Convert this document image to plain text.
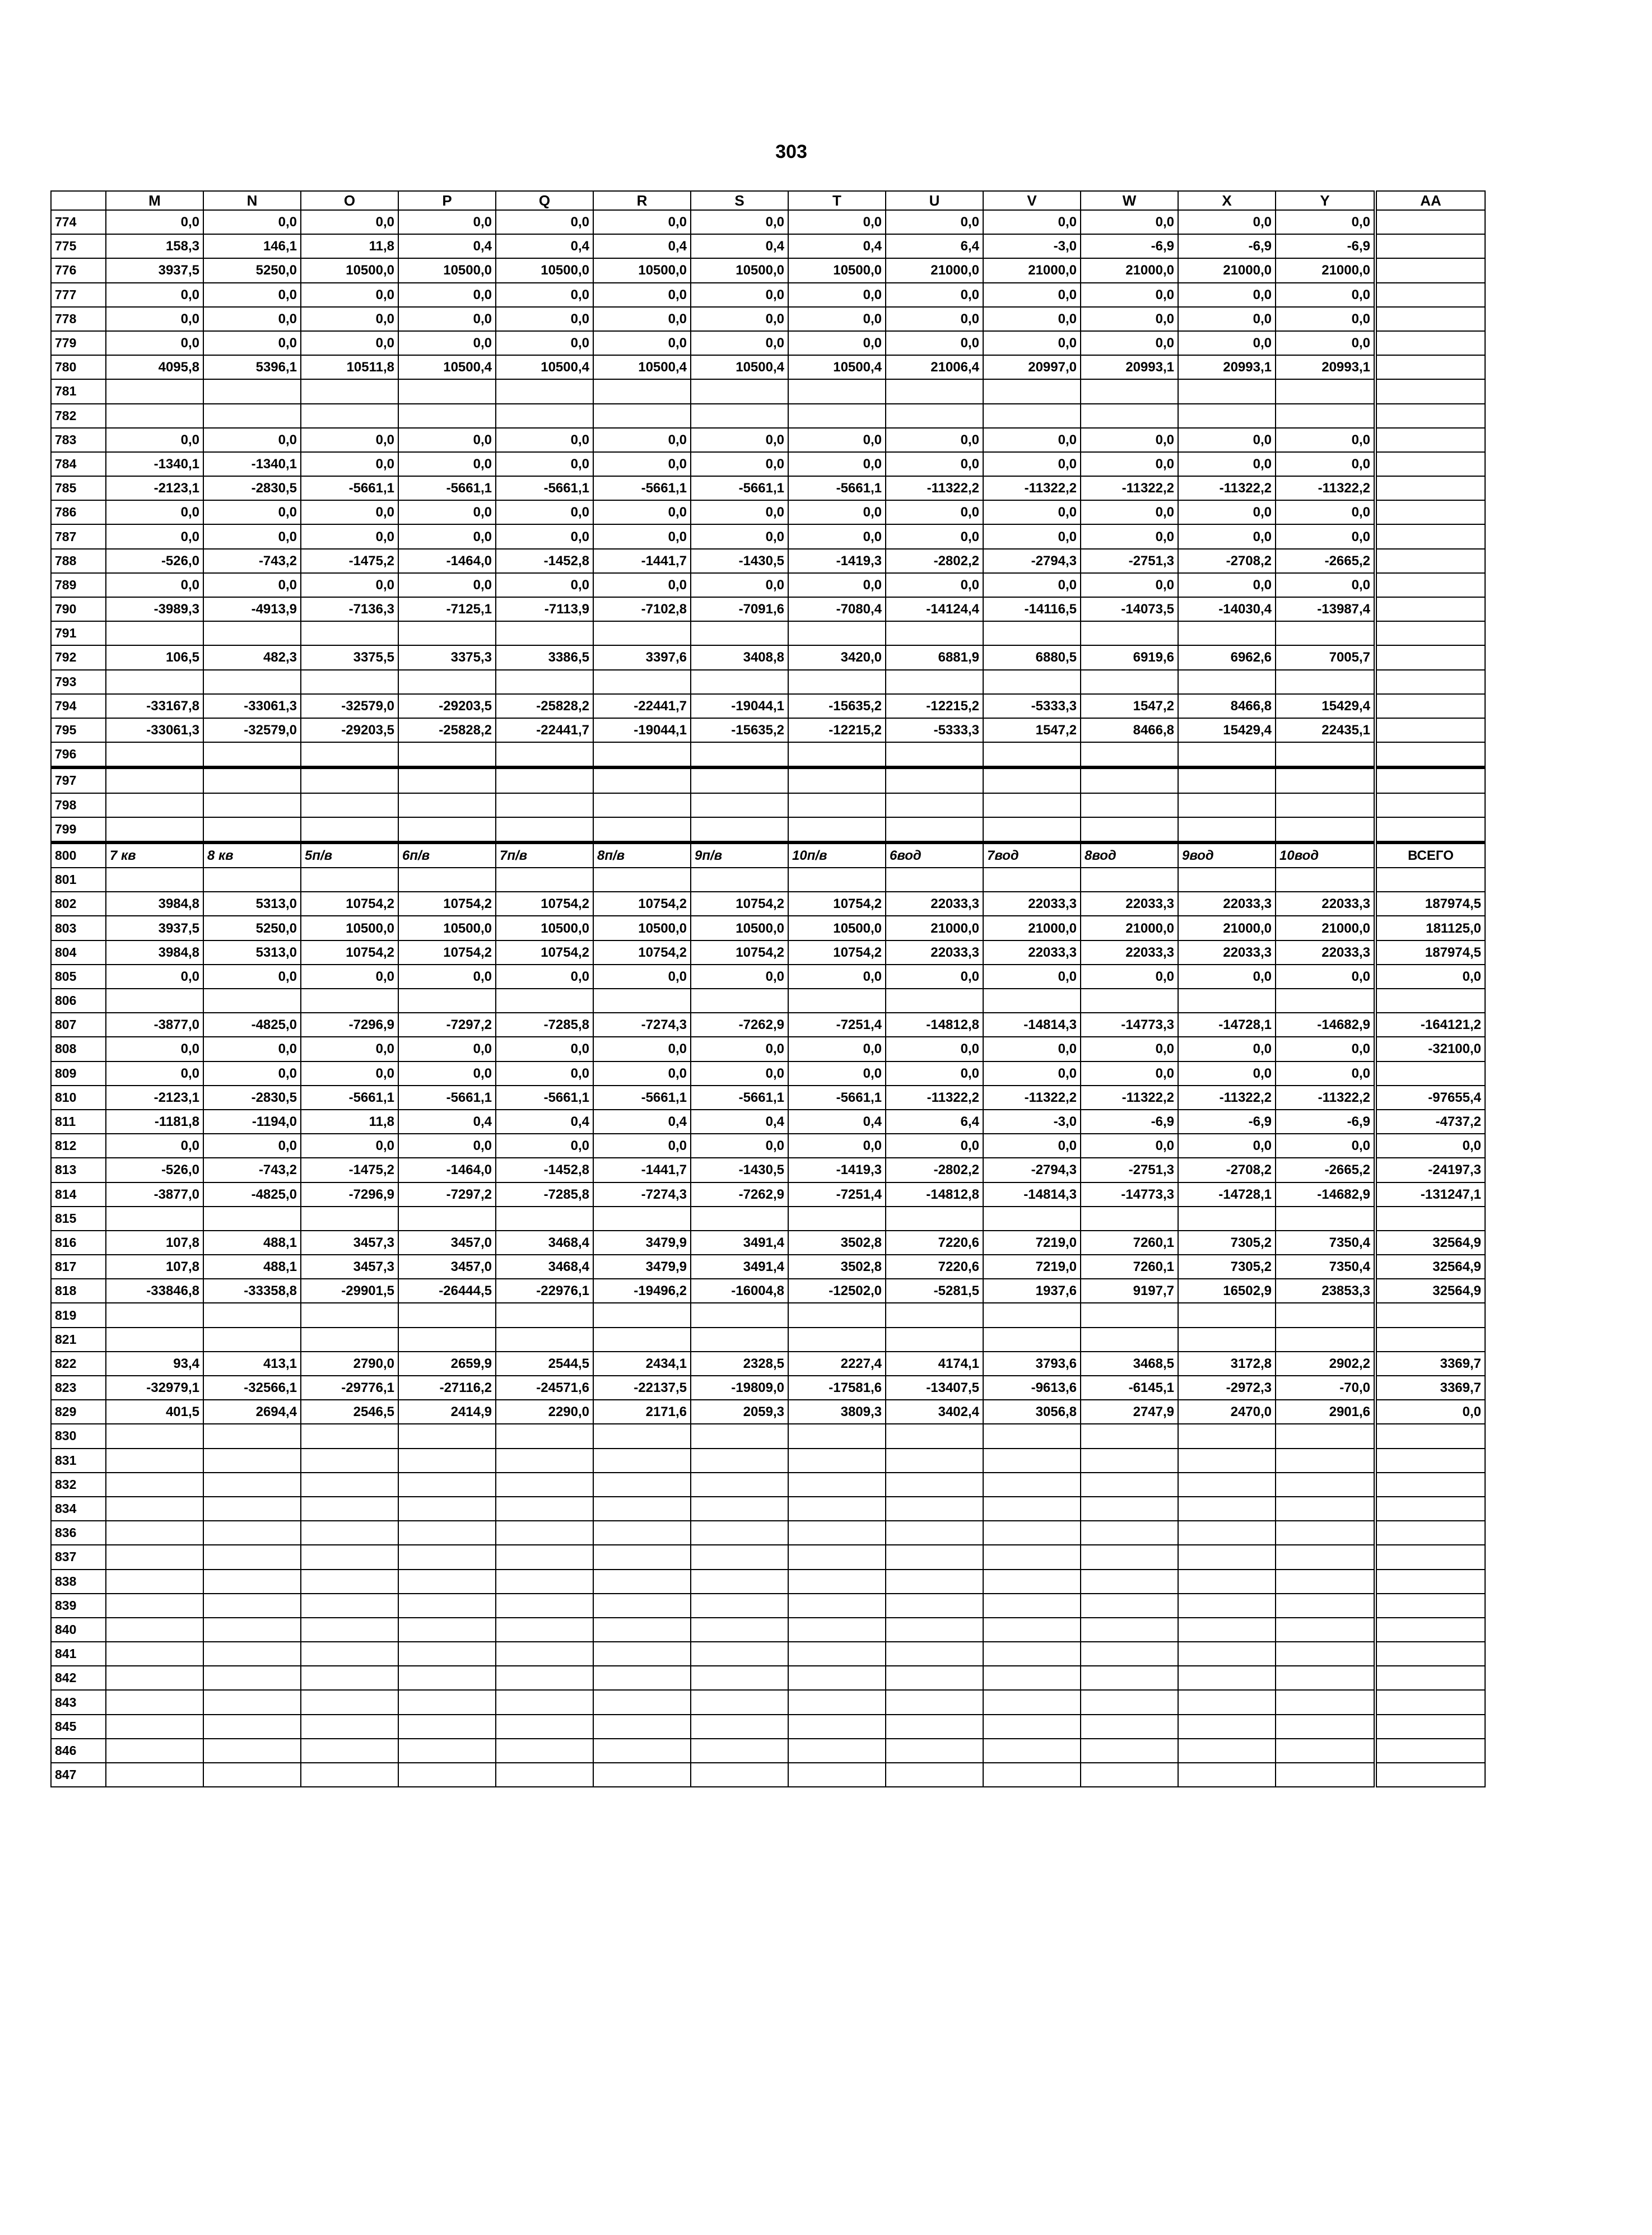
303
	M	N	O	P	Q	R	S	T	U	V	W	X	Y	AA
774	0,0	0,0	0,0	0,0	0,0	0,0	0,0	0,0	0,0	0,0	0,0	0,0	0,0	
775	158,3	146,1	11,8	0,4	0,4	0,4	0,4	0,4	6,4	-3,0	-6,9	-6,9	-6,9	
776	3937,5	5250,0	10500,0	10500,0	10500,0	10500,0	10500,0	10500,0	21000,0	21000,0	21000,0	21000,0	21000,0	
777	0,0	0,0	0,0	0,0	0,0	0,0	0,0	0,0	0,0	0,0	0,0	0,0	0,0	
778	0,0	0,0	0,0	0,0	0,0	0,0	0,0	0,0	0,0	0,0	0,0	0,0	0,0	
779	0,0	0,0	0,0	0,0	0,0	0,0	0,0	0,0	0,0	0,0	0,0	0,0	0,0	
780	4095,8	5396,1	10511,8	10500,4	10500,4	10500,4	10500,4	10500,4	21006,4	20997,0	20993,1	20993,1	20993,1	
781														
782														
783	0,0	0,0	0,0	0,0	0,0	0,0	0,0	0,0	0,0	0,0	0,0	0,0	0,0	
784	-1340,1	-1340,1	0,0	0,0	0,0	0,0	0,0	0,0	0,0	0,0	0,0	0,0	0,0	
785	-2123,1	-2830,5	-5661,1	-5661,1	-5661,1	-5661,1	-5661,1	-5661,1	-11322,2	-11322,2	-11322,2	-11322,2	-11322,2	
786	0,0	0,0	0,0	0,0	0,0	0,0	0,0	0,0	0,0	0,0	0,0	0,0	0,0	
787	0,0	0,0	0,0	0,0	0,0	0,0	0,0	0,0	0,0	0,0	0,0	0,0	0,0	
788	-526,0	-743,2	-1475,2	-1464,0	-1452,8	-1441,7	-1430,5	-1419,3	-2802,2	-2794,3	-2751,3	-2708,2	-2665,2	
789	0,0	0,0	0,0	0,0	0,0	0,0	0,0	0,0	0,0	0,0	0,0	0,0	0,0	
790	-3989,3	-4913,9	-7136,3	-7125,1	-7113,9	-7102,8	-7091,6	-7080,4	-14124,4	-14116,5	-14073,5	-14030,4	-13987,4	
791														
792	106,5	482,3	3375,5	3375,3	3386,5	3397,6	3408,8	3420,0	6881,9	6880,5	6919,6	6962,6	7005,7	
793														
794	-33167,8	-33061,3	-32579,0	-29203,5	-25828,2	-22441,7	-19044,1	-15635,2	-12215,2	-5333,3	1547,2	8466,8	15429,4	
795	-33061,3	-32579,0	-29203,5	-25828,2	-22441,7	-19044,1	-15635,2	-12215,2	-5333,3	1547,2	8466,8	15429,4	22435,1	
796														
797														
798														
799														
800	7 кв	8 кв	5п/в	6п/в	7п/в	8п/в	9п/в	10п/в	6вод	7вод	8вод	9вод	10вод	ВСЕГО
801														
802	3984,8	5313,0	10754,2	10754,2	10754,2	10754,2	10754,2	10754,2	22033,3	22033,3	22033,3	22033,3	22033,3	187974,5
803	3937,5	5250,0	10500,0	10500,0	10500,0	10500,0	10500,0	10500,0	21000,0	21000,0	21000,0	21000,0	21000,0	181125,0
804	3984,8	5313,0	10754,2	10754,2	10754,2	10754,2	10754,2	10754,2	22033,3	22033,3	22033,3	22033,3	22033,3	187974,5
805	0,0	0,0	0,0	0,0	0,0	0,0	0,0	0,0	0,0	0,0	0,0	0,0	0,0	0,0
806														
807	-3877,0	-4825,0	-7296,9	-7297,2	-7285,8	-7274,3	-7262,9	-7251,4	-14812,8	-14814,3	-14773,3	-14728,1	-14682,9	-164121,2
808	0,0	0,0	0,0	0,0	0,0	0,0	0,0	0,0	0,0	0,0	0,0	0,0	0,0	-32100,0
809	0,0	0,0	0,0	0,0	0,0	0,0	0,0	0,0	0,0	0,0	0,0	0,0	0,0	
810	-2123,1	-2830,5	-5661,1	-5661,1	-5661,1	-5661,1	-5661,1	-5661,1	-11322,2	-11322,2	-11322,2	-11322,2	-11322,2	-97655,4
811	-1181,8	-1194,0	11,8	0,4	0,4	0,4	0,4	0,4	6,4	-3,0	-6,9	-6,9	-6,9	-4737,2
812	0,0	0,0	0,0	0,0	0,0	0,0	0,0	0,0	0,0	0,0	0,0	0,0	0,0	0,0
813	-526,0	-743,2	-1475,2	-1464,0	-1452,8	-1441,7	-1430,5	-1419,3	-2802,2	-2794,3	-2751,3	-2708,2	-2665,2	-24197,3
814	-3877,0	-4825,0	-7296,9	-7297,2	-7285,8	-7274,3	-7262,9	-7251,4	-14812,8	-14814,3	-14773,3	-14728,1	-14682,9	-131247,1
815														
816	107,8	488,1	3457,3	3457,0	3468,4	3479,9	3491,4	3502,8	7220,6	7219,0	7260,1	7305,2	7350,4	32564,9
817	107,8	488,1	3457,3	3457,0	3468,4	3479,9	3491,4	3502,8	7220,6	7219,0	7260,1	7305,2	7350,4	32564,9
818	-33846,8	-33358,8	-29901,5	-26444,5	-22976,1	-19496,2	-16004,8	-12502,0	-5281,5	1937,6	9197,7	16502,9	23853,3	32564,9
819														
821														
822	93,4	413,1	2790,0	2659,9	2544,5	2434,1	2328,5	2227,4	4174,1	3793,6	3468,5	3172,8	2902,2	3369,7
823	-32979,1	-32566,1	-29776,1	-27116,2	-24571,6	-22137,5	-19809,0	-17581,6	-13407,5	-9613,6	-6145,1	-2972,3	-70,0	3369,7
829	401,5	2694,4	2546,5	2414,9	2290,0	2171,6	2059,3	3809,3	3402,4	3056,8	2747,9	2470,0	2901,6	0,0
830														
831														
832														
834														
836														
837														
838														
839														
840														
841														
842														
843														
845														
846														
847														
